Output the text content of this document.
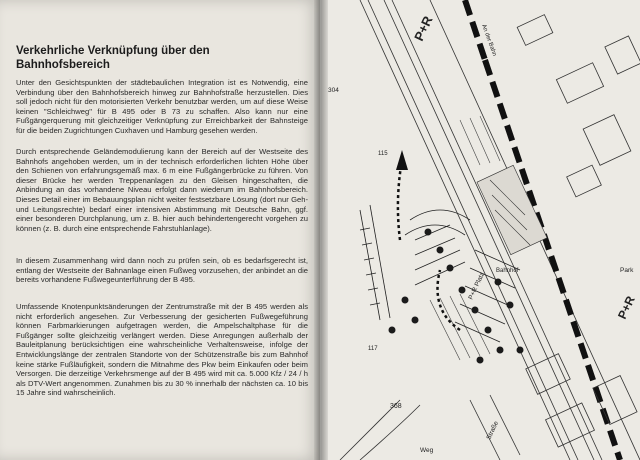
Verkehrliche Verknüpfung über den Bahnhofsbereich
Unter den Gesichtspunkten der städtebaulichen Integration ist es Notwendig, eine Verbindung über den Bahnhofsbereich hinweg zur Bahnhofstraße herzustellen. Dies soll jedoch nicht für den motorisierten Verkehr benutzbar werden, um auf diese Weise keinen "Schleichweg" für B 495 oder B 73 zu schaffen. Also kann nur eine Fußgängerquerung mit gleichzeitiger Verknüpfung zur Erreichbarkeit der Bahnsteige für die beiden Zugrichtungen Cuxhaven und Hamburg gesehen werden.
Durch entsprechende Geländemodulierung kann der Bereich auf der Westseite des Bahnhofs angehoben werden, um in der technisch erforderlichen lichten Höhe über den Schienen von erfahrungsgemäß max. 6 m eine Fußgängerbrücke zu führen. Von dieser Brücke her werden Treppenanlagen zu den Gleisen hingeschaften, die Anbindung an das vorhandene Niveau erfolgt dann wiederum im Bahnhofsbereich. Dieses Detail einer im Bebauungsplan nicht weiter festsetzbare Lösung (dort nur Geh- und Leitungsrechte) bedarf einer intensiven Abstimmung mit Deutsche Bahn, ggf. einer besonderen Durchplanung, um z. B. hier auch behindertengerecht vorgehen zu können (z. B. durch eine entsprechende Fahrstuhlanlage).
In diesem Zusammenhang wird dann noch zu prüfen sein, ob es bedarfsgerecht ist, entlang der Westseite der Bahnanlage einen Fußweg vorzusehen, der anbindet an die bereits vorhandene Fußwegeunterführung der B 495.
Umfassende Knotenpunktsänderungen der Zentrumstraße mit der B 495 werden als nicht erforderlich angesehen. Zur Verbesserung der gesicherten Fußwegeführung können Farbmarkierungen aufgetragen werden, die Ampelschaltphase für die Fußgänger sollte gleichzeitig verlängert werden. Diese Anregungen außerhalb der Bauleitplanung berücksichtigen eine wahrscheinliche Verhaltensweise, infolge der Entwicklungslänge der zentralen Standorte von der Schützenstraße bis zum Bahnhof keine stärke Fußläufigkeit, sondern die Mitnahme des Pkw beim Einkaufen oder beim Versorgen. Die derzeitige Verkehrsmenge auf der B 495 wird mit ca. 5.000 Kfz / 24 / h als DTV-Wert angenommen. Zunahmen bis zu 30 % innerhalb der nächsten ca. 10 bis 15 Jahre sind wahrscheinlich.
P+R
P+R
P+R Platz
An der Bahn
304
115
117
368
Bahnhof	Park
Straße
Weg
